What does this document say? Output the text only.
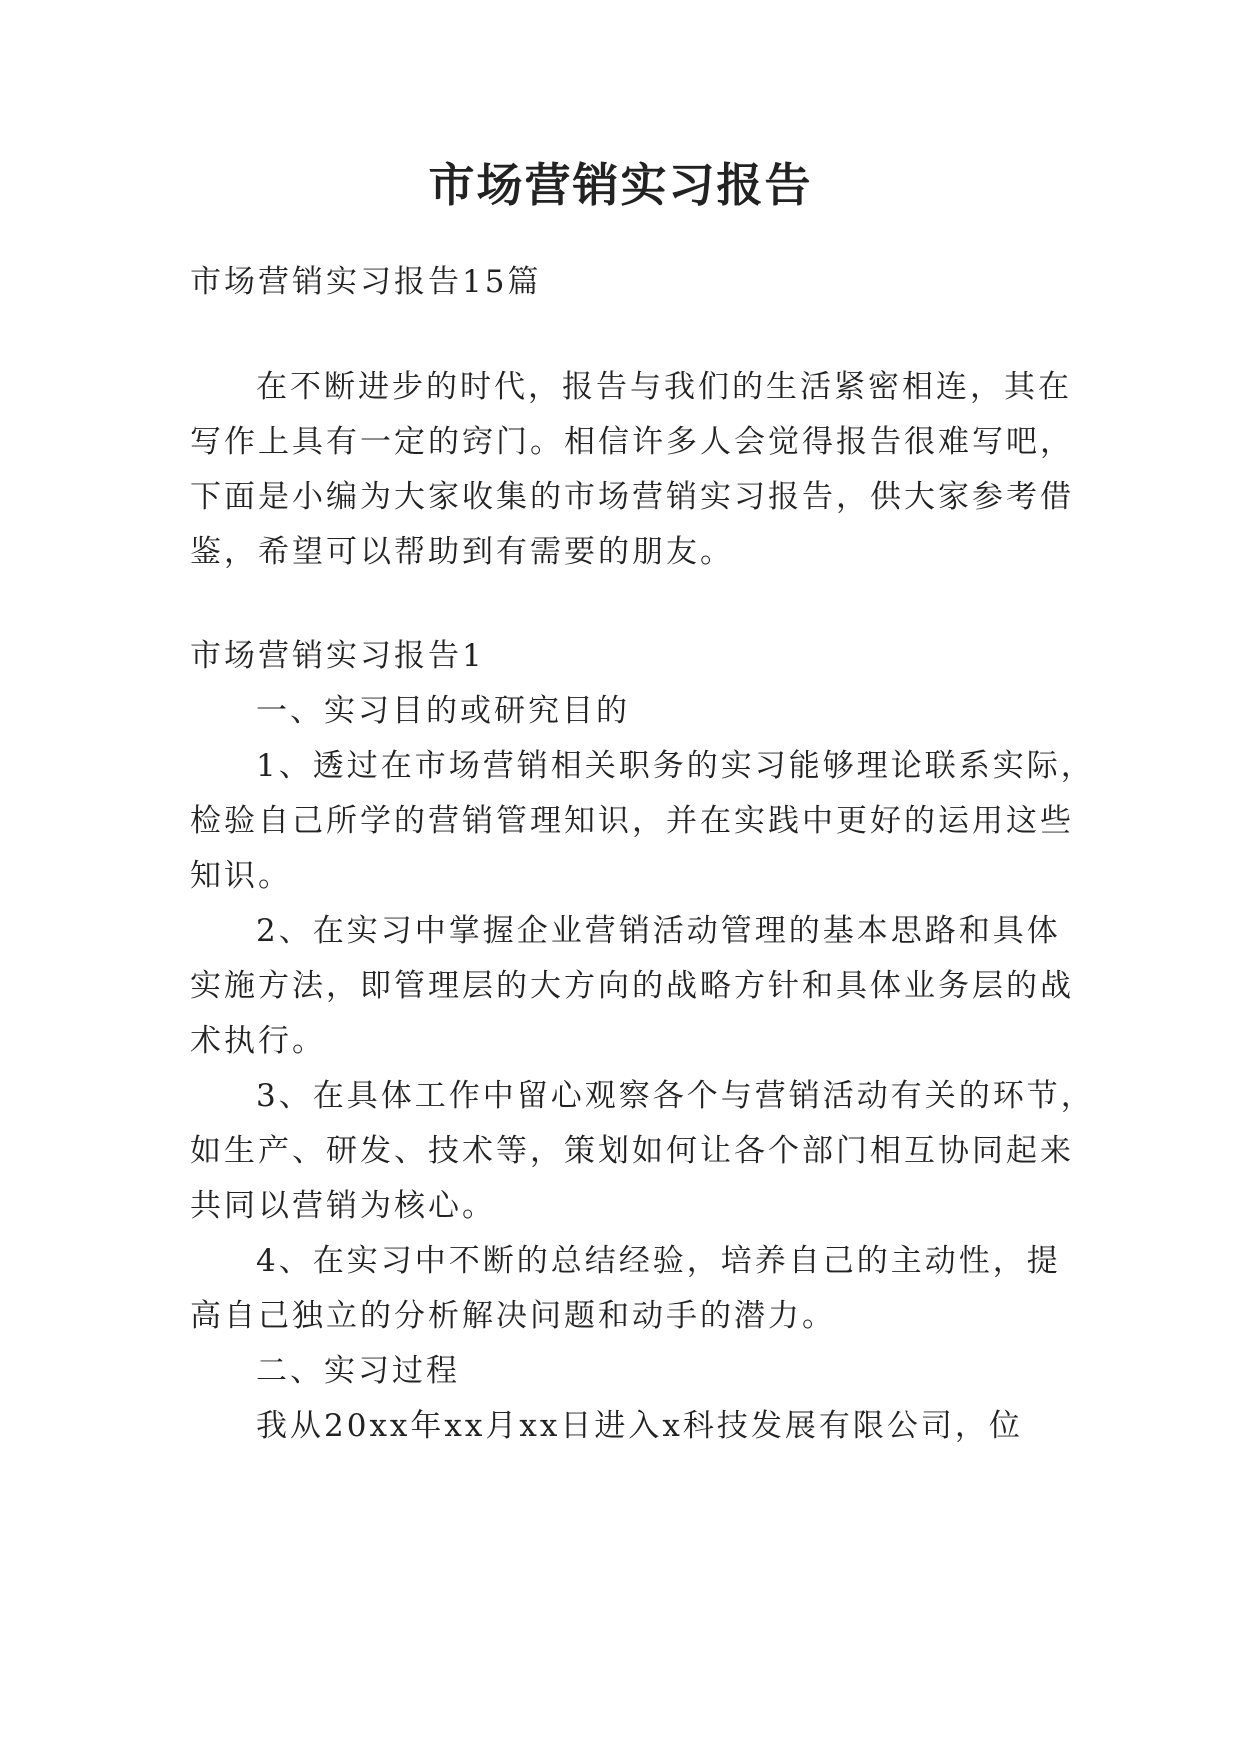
市场营销实习报告

市场营销实习报告15篇

在不断进步的时代，报告与我们的生活紧密相连，其在

写作上具有一定的窍门。相信许多人会觉得报告很难写吧，

下面是小编为大家收集的市场营销实习报告，供大家参考借

鉴，希望可以帮助到有需要的朋友。

市场营销实习报告1

一、实习目的或研究目的

1、透过在市场营销相关职务的实习能够理论联系实际，

检验自己所学的营销管理知识，并在实践中更好的运用这些

知识。

2、在实习中掌握企业营销活动管理的基本思路和具体

实施方法，即管理层的大方向的战略方针和具体业务层的战

术执行。

3、在具体工作中留心观察各个与营销活动有关的环节，

如生产、研发、技术等，策划如何让各个部门相互协同起来

共同以营销为核心。

4、在实习中不断的总结经验，培养自己的主动性，提

高自己独立的分析解决问题和动手的潜力。

二、实习过程

我从20xx年xx月xx日进入x科技发展有限公司，位
